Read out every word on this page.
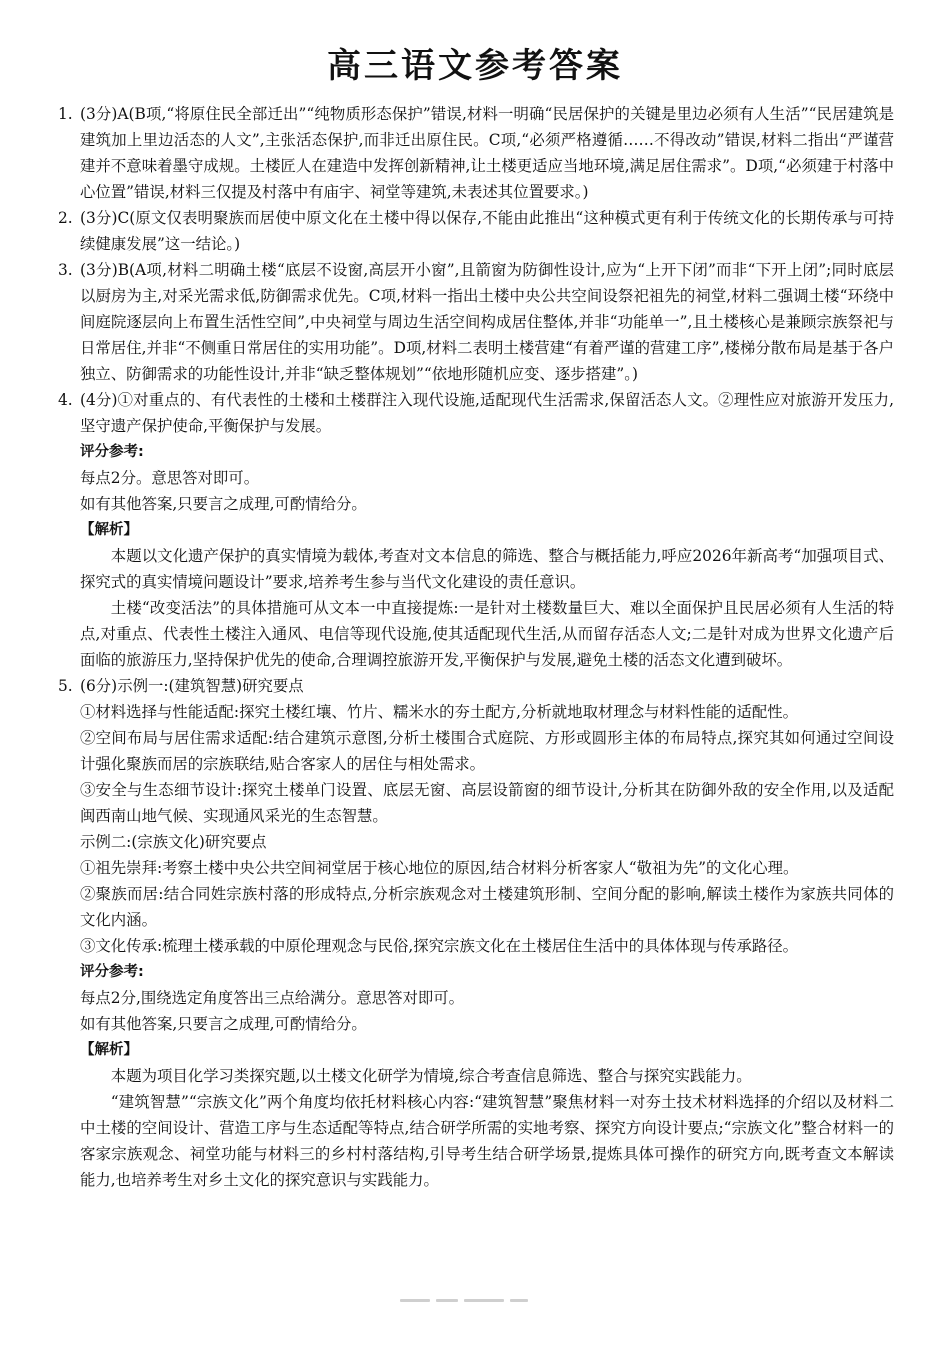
高三语文参考答案
1. (3分)A(B项,“将原住民全部迁出”“纯物质形态保护”错误,材料一明确“民居保护的关键是里边必须有人生活”“民居建筑是建筑加上里边活态的人文”,主张活态保护,而非迁出原住民。C项,“必须严格遵循……不得改动”错误,材料二指出“严谨营建并不意味着墨守成规。土楼匠人在建造中发挥创新精神,让土楼更适应当地环境,满足居住需求”。D项,“必须建于村落中心位置”错误,材料三仅提及村落中有庙宇、祠堂等建筑,未表述其位置要求。)

2. (3分)C(原文仅表明聚族而居使中原文化在土楼中得以保存,不能由此推出“这种模式更有利于传统文化的长期传承与可持续健康发展”这一结论。)

3. (3分)B(A项,材料二明确土楼“底层不设窗,高层开小窗”,且箭窗为防御性设计,应为“上开下闭”而非“下开上闭”;同时底层以厨房为主,对采光需求低,防御需求优先。C项,材料一指出土楼中央公共空间设祭祀祖先的祠堂,材料二强调土楼“环绕中间庭院逐层向上布置生活性空间”,中央祠堂与周边生活空间构成居住整体,并非“功能单一”,且土楼核心是兼顾宗族祭祀与日常居住,并非“不侧重日常居住的实用功能”。D项,材料二表明土楼营建“有着严谨的营建工序”,楼梯分散布局是基于各户独立、防御需求的功能性设计,并非“缺乏整体规划”“依地形随机应变、逐步搭建”。)

4. (4分)①对重点的、有代表性的土楼和土楼群注入现代设施,适配现代生活需求,保留活态人文。②理性应对旅游开发压力,坚守遗产保护使命,平衡保护与发展。

评分参考:

每点2分。意思答对即可。

如有其他答案,只要言之成理,可酌情给分。

【解析】

本题以文化遗产保护的真实情境为载体,考查对文本信息的筛选、整合与概括能力,呼应2026年新高考“加强项目式、探究式的真实情境问题设计”要求,培养考生参与当代文化建设的责任意识。

土楼“改变活法”的具体措施可从文本一中直接提炼:一是针对土楼数量巨大、难以全面保护且民居必须有人生活的特点,对重点、代表性土楼注入通风、电信等现代设施,使其适配现代生活,从而留存活态人文;二是针对成为世界文化遗产后面临的旅游压力,坚持保护优先的使命,合理调控旅游开发,平衡保护与发展,避免土楼的活态文化遭到破坏。

5. (6分)示例一:(建筑智慧)研究要点

①材料选择与性能适配:探究土楼红壤、竹片、糯米水的夯土配方,分析就地取材理念与材料性能的适配性。

②空间布局与居住需求适配:结合建筑示意图,分析土楼围合式庭院、方形或圆形主体的布局特点,探究其如何通过空间设计强化聚族而居的宗族联结,贴合客家人的居住与相处需求。

③安全与生态细节设计:探究土楼单门设置、底层无窗、高层设箭窗的细节设计,分析其在防御外敌的安全作用,以及适配闽西南山地气候、实现通风采光的生态智慧。

示例二:(宗族文化)研究要点

①祖先崇拜:考察土楼中央公共空间祠堂居于核心地位的原因,结合材料分析客家人“敬祖为先”的文化心理。

②聚族而居:结合同姓宗族村落的形成特点,分析宗族观念对土楼建筑形制、空间分配的影响,解读土楼作为家族共同体的文化内涵。

③文化传承:梳理土楼承载的中原伦理观念与民俗,探究宗族文化在土楼居住生活中的具体体现与传承路径。

评分参考:

每点2分,围绕选定角度答出三点给满分。意思答对即可。

如有其他答案,只要言之成理,可酌情给分。

【解析】

本题为项目化学习类探究题,以土楼文化研学为情境,综合考查信息筛选、整合与探究实践能力。

“建筑智慧”“宗族文化”两个角度均依托材料核心内容:“建筑智慧”聚焦材料一对夯土技术材料选择的介绍以及材料二中土楼的空间设计、营造工序与生态适配等特点,结合研学所需的实地考察、探究方向设计要点;“宗族文化”整合材料一的客家宗族观念、祠堂功能与材料三的乡村村落结构,引导考生结合研学场景,提炼具体可操作的研究方向,既考查文本解读能力,也培养考生对乡土文化的探究意识与实践能力。
